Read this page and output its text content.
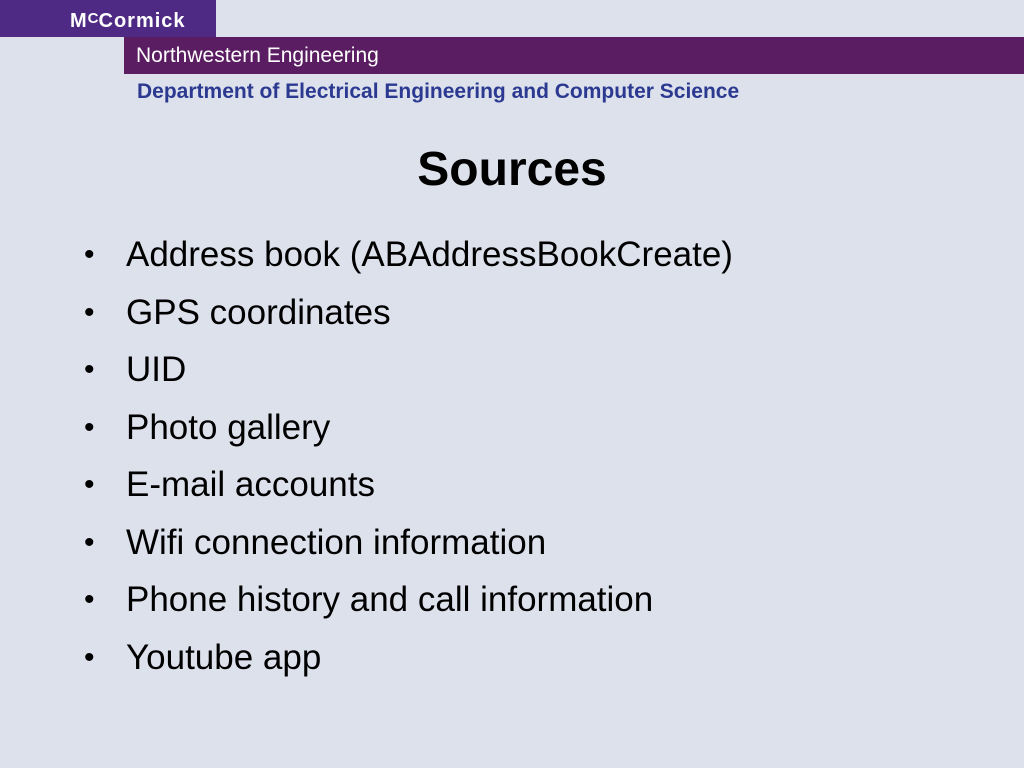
$M^CCormick$
Northwestern Engineering
Department of Electrical Engineering and Computer Science
Sources
• Address book (ABAddressBookCreate)
• GPS coordinates
• UID
• Photo gallery
• E-mail accounts
• Wifi connection information
• Phone history and call information
• Youtube app
